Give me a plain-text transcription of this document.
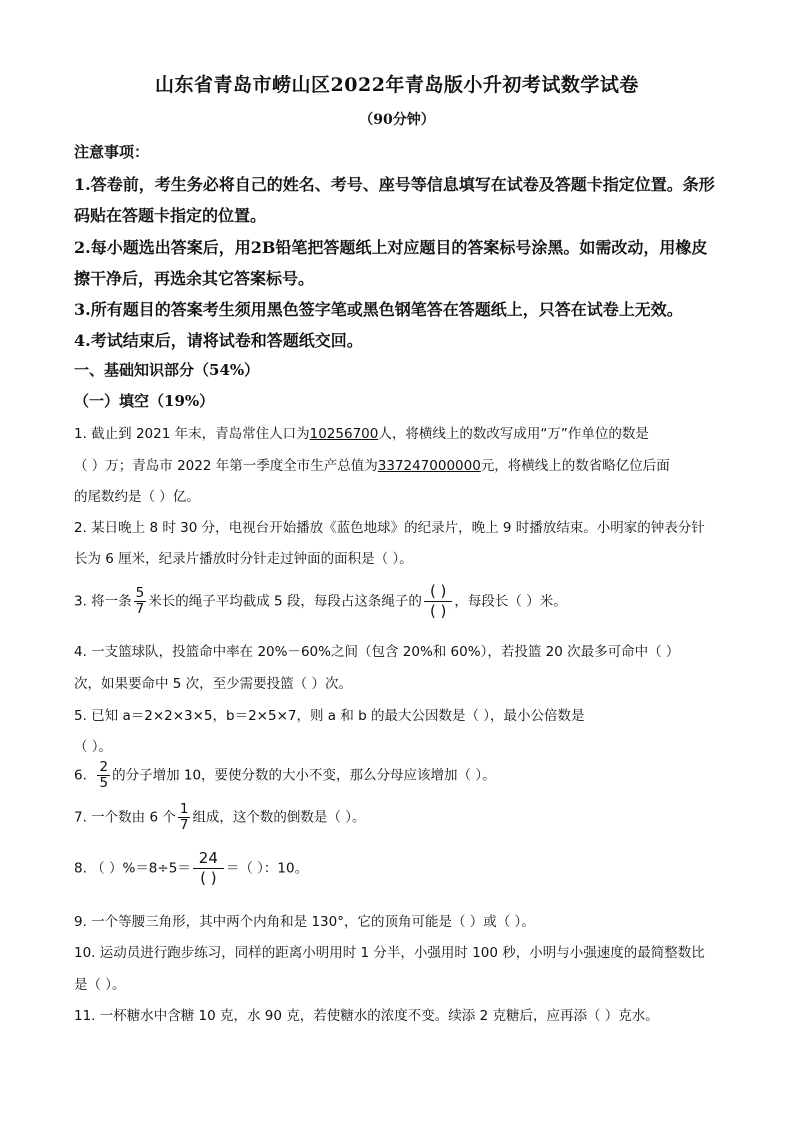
山东省青岛市崂山区2022年青岛版小升初考试数学试卷
（90分钟）
注意事项：
1.答卷前，考生务必将自己的姓名、考号、座号等信息填写在试卷及答题卡指定位置。条形
码贴在答题卡指定的位置。
2.每小题选出答案后，用2B铅笔把答题纸上对应题目的答案标号涂黑。如需改动，用橡皮
擦干净后，再选余其它答案标号。
3.所有题目的答案考生须用黑色签字笔或黑色钢笔答在答题纸上，只答在试卷上无效。
4.考试结束后，请将试卷和答题纸交回。
一、基础知识部分（54%）
（一）填空（19%）
1. 截止到 2021 年末，青岛常住人口为10256700人，将横线上的数改写成用“万”作单位的数是
（ ）万；青岛市 2022 年第一季度全市生产总值为337247000000元，将横线上的数省略亿位后面
的尾数约是（ ）亿。
2. 某日晚上 8 时 30 分，电视台开始播放《蓝色地球》的纪录片，晚上 9 时播放结束。小明家的钟表分针
长为 6 厘米，纪录片播放时分针走过钟面的面积是（ ）。
3. 将一条 $\frac{5}{7}$ 米长的绳子平均截成 5 段，每段占这条绳子的 $\frac{( )}{( )}$ ，每段长（ ）米。
4. 一支篮球队，投篮命中率在 20%－60%之间（包含 20%和 60%），若投篮 20 次最多可命中（ ）
次，如果要命中 5 次，至少需要投篮（ ）次。
5. 已知 a＝2×2×3×5，b＝2×5×7，则 a 和 b 的最大公因数是（ ），最小公倍数是
（ ）。
6. $\frac{2}{5}$ 的分子增加 10，要使分数的大小不变，那么分母应该增加（ ）。
7. 一个数由 6 个 $\frac{1}{7}$ 组成，这个数的倒数是（ ）。
8. （ ）$\%=8\div 5= \frac{24}{( )}$ ＝（ ）：10。
9. 一个等腰三角形，其中两个内角和是 130°，它的顶角可能是（ ）或（ ）。
10. 运动员进行跑步练习，同样的距离小明用时 1 分半，小强用时 100 秒，小明与小强速度的最简整数比
是（ ）。
11. 一杯糖水中含糖 10 克，水 90 克，若使糖水的浓度不变。续添 2 克糖后，应再添（ ）克水。
